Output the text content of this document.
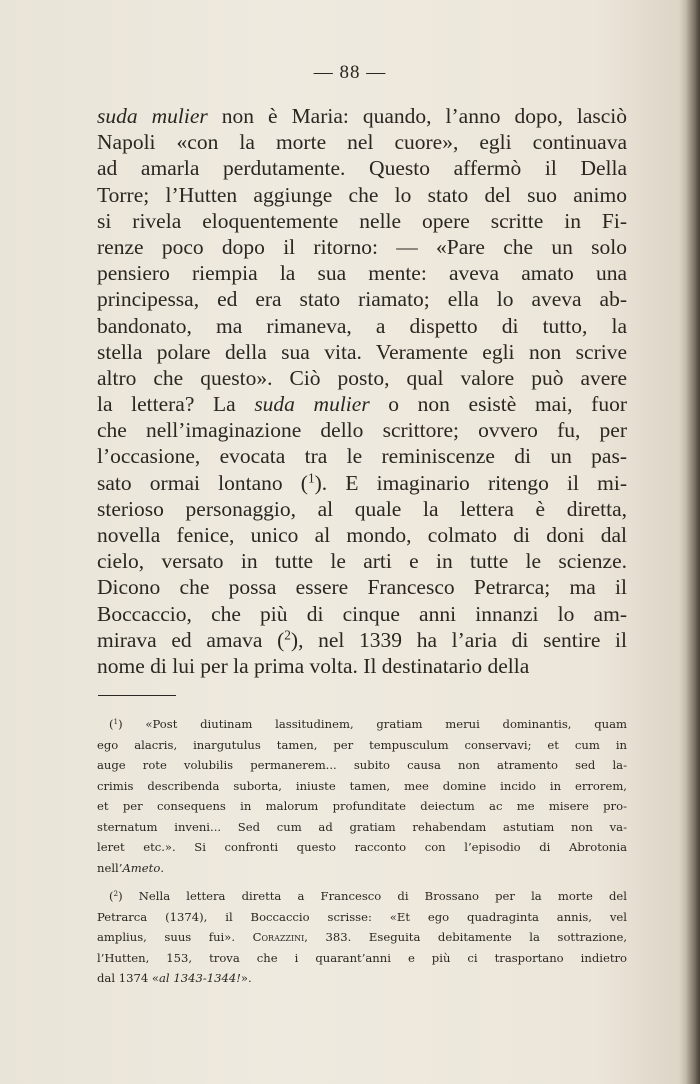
— 88 —
suda mulier non è Maria: quando, l’anno dopo, lasciò
Napoli «con la morte nel cuore», egli continuava
ad amarla perdutamente. Questo affermò il Della
Torre; l’Hutten aggiunge che lo stato del suo animo
si rivela eloquentemente nelle opere scritte in Fi-
renze poco dopo il ritorno: — «Pare che un solo
pensiero riempia la sua mente: aveva amato una
principessa, ed era stato riamato; ella lo aveva ab-
bandonato, ma rimaneva, a dispetto di tutto, la
stella polare della sua vita. Veramente egli non scrive
altro che questo». Ciò posto, qual valore può avere
la lettera? La suda mulier o non esistè mai, fuor
che nell’imaginazione dello scrittore; ovvero fu, per
l’occasione, evocata tra le reminiscenze di un pas-
sato ormai lontano ($^1$). E imaginario ritengo il mi-
sterioso personaggio, al quale la lettera è diretta,
novella fenice, unico al mondo, colmato di doni dal
cielo, versato in tutte le arti e in tutte le scienze.
Dicono che possa essere Francesco Petrarca; ma il
Boccaccio, che più di cinque anni innanzi lo am-
mirava ed amava ($^2$), nel 1339 ha l’aria di sentire il
nome di lui per la prima volta. Il destinatario della
($^1$) «Post diutinam lassitudinem, gratiam merui dominantis, quam
ego alacris, inargutulus tamen, per tempusculum conservavi; et cum in
auge rote volubilis permanerem... subito causa non atramento sed la-
crimis describenda suborta, iniuste tamen, mee domine incido in errorem,
et per consequens in malorum profunditate deiectum ac me misere pro-
sternatum inveni... Sed cum ad gratiam rehabendam astutiam non va-
leret etc.». Si confronti questo racconto con l’episodio di Abrotonia
nell’Ameto.
($^2$) Nella lettera diretta a Francesco di Brossano per la morte del
Petrarca (1374), il Boccaccio scrisse: «Et ego quadraginta annis, vel
amplius, suus fui». Corazzini, 383. Eseguita debitamente la sottrazione,
l’Hutten, 153, trova che i quarant’anni e più ci trasportano indietro
dal 1374 «al 1343-1344!».
